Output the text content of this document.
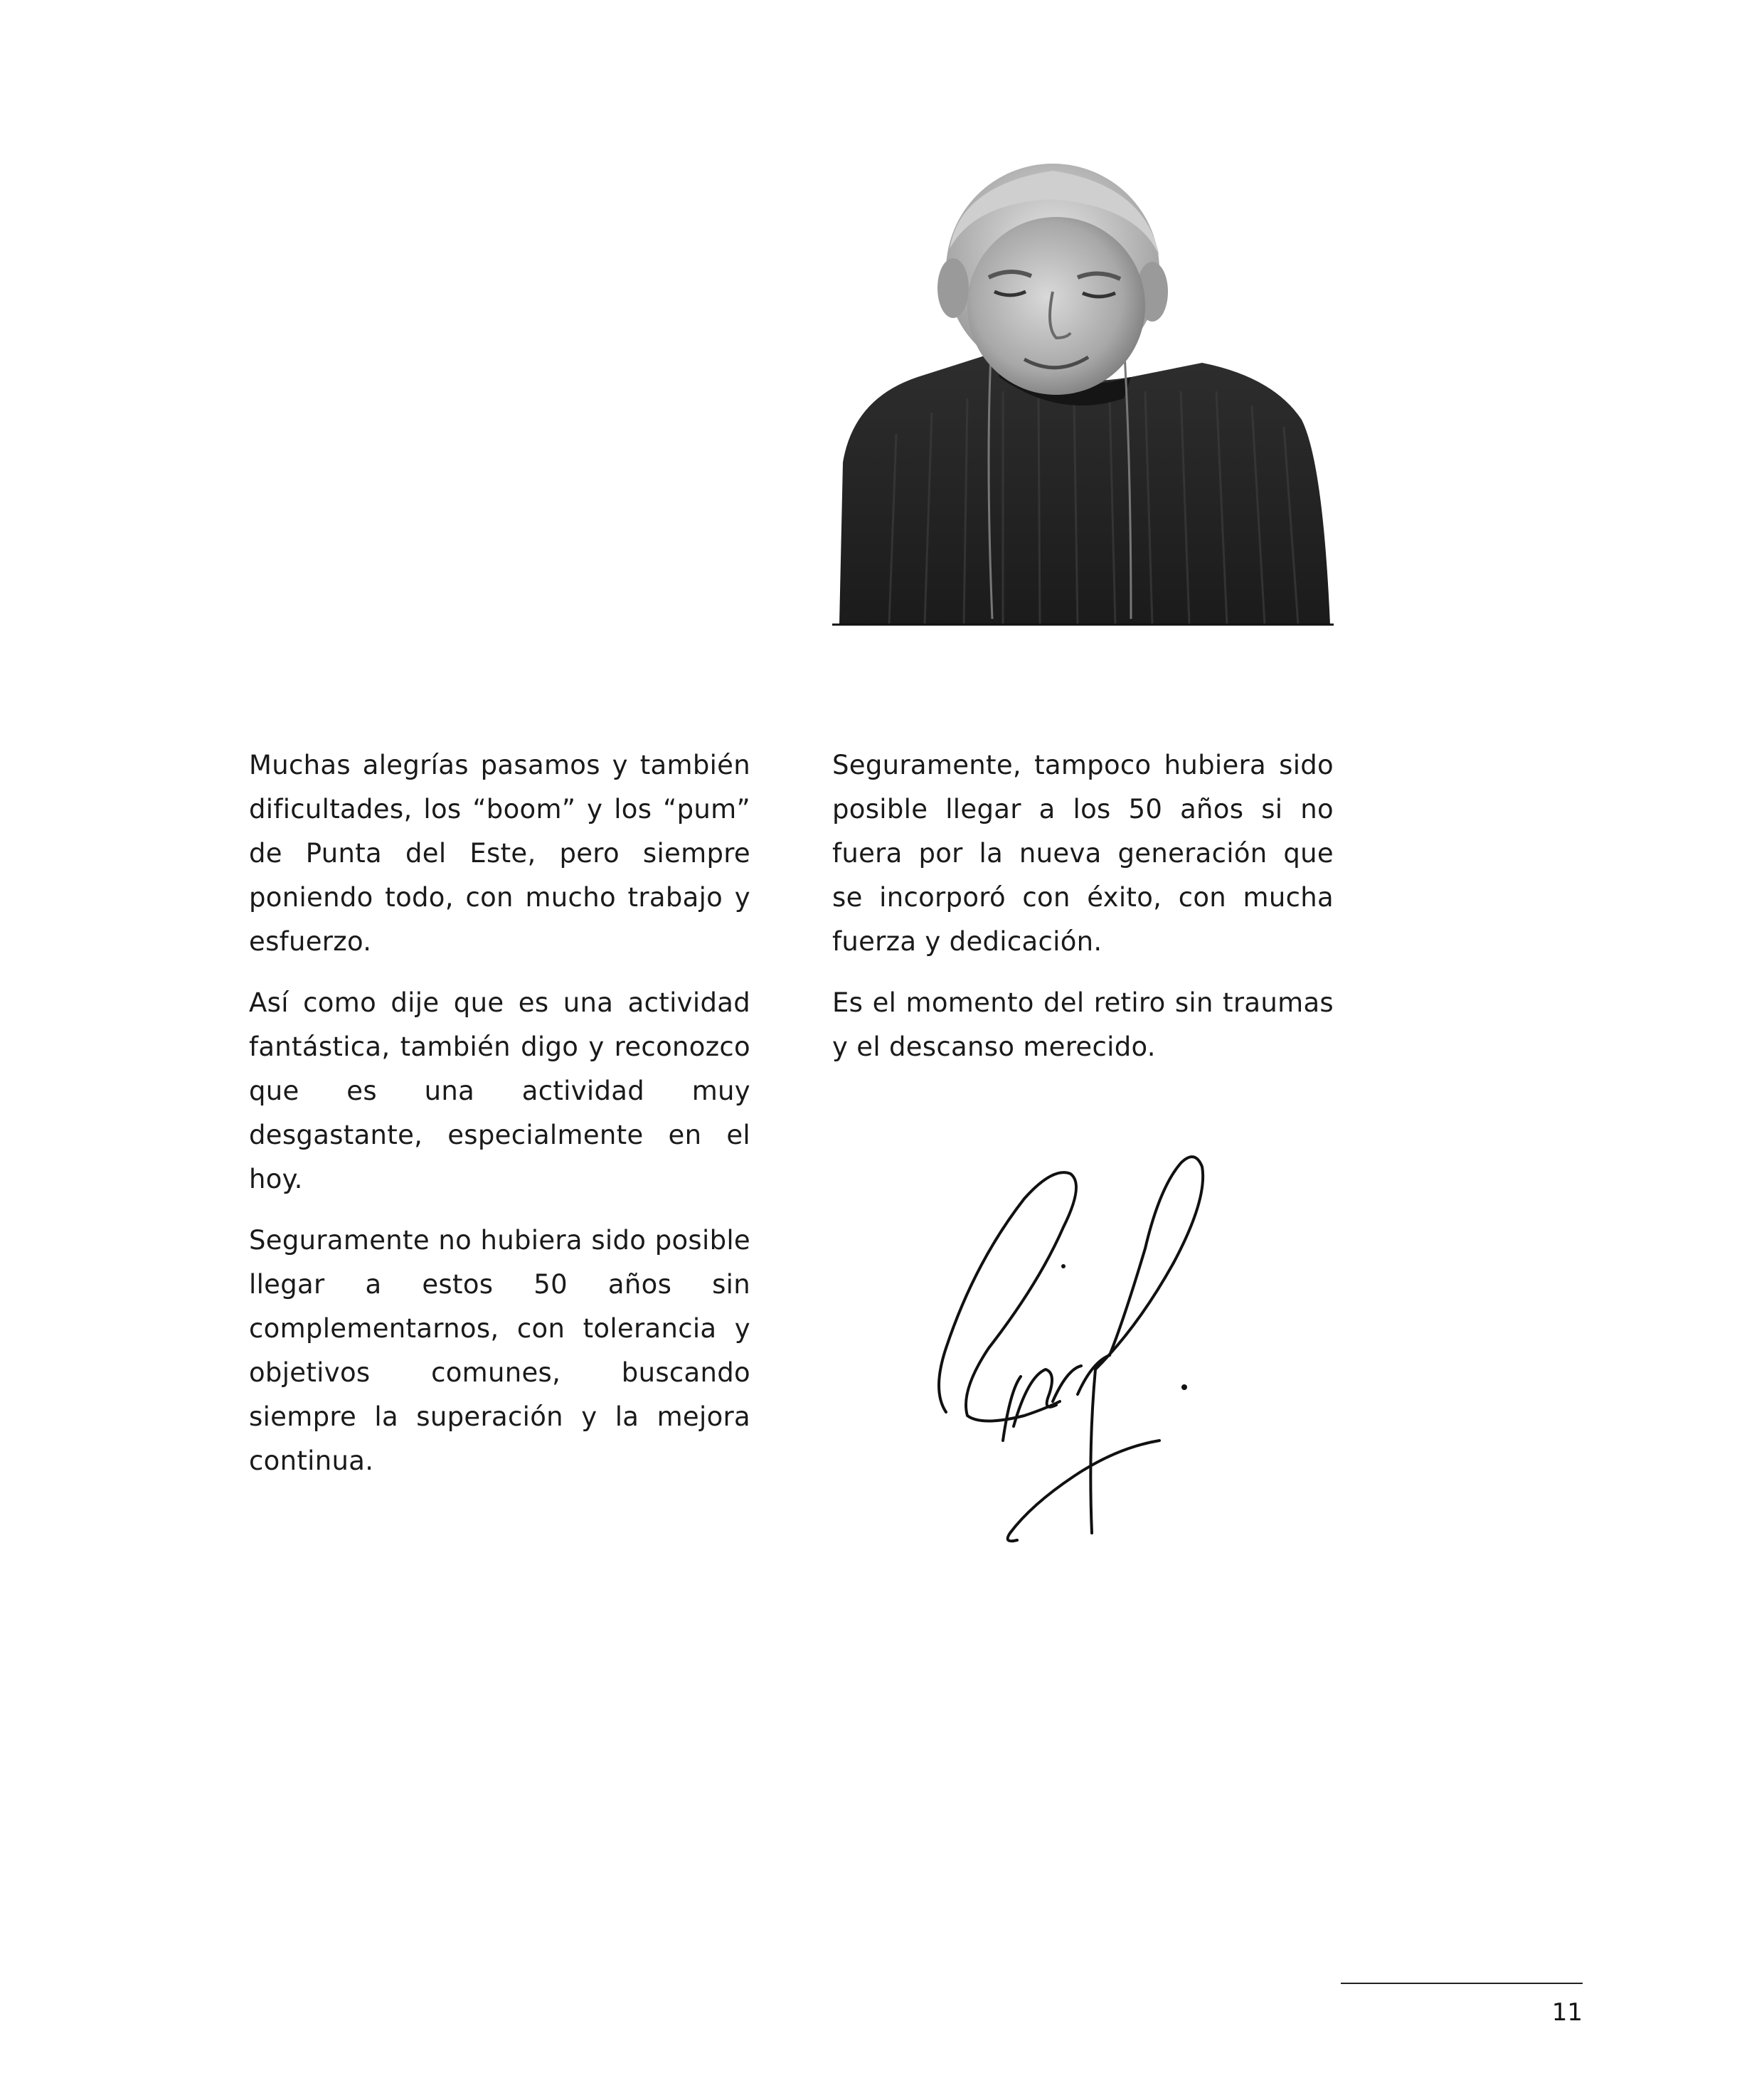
Muchas alegrías pasamos y también dificultades, los “boom” y los “pum” de Punta del Este, pero siempre poniendo todo, con mucho trabajo y esfuerzo.

Así como dije que es una actividad fantástica, también digo y reconozco que es una actividad muy desgastante, especialmente en el hoy.

Seguramente no hubiera sido posible llegar a estos 50 años sin complementarnos, con tolerancia y objetivos comunes, buscando siempre la superación y la mejora continua.

Seguramente, tampoco hubiera sido posible llegar a los 50 años si no fuera por la nueva generación que se incorporó con éxito, con mucha fuerza y dedicación.

Es el momento del retiro sin traumas y el descanso merecido.

11
